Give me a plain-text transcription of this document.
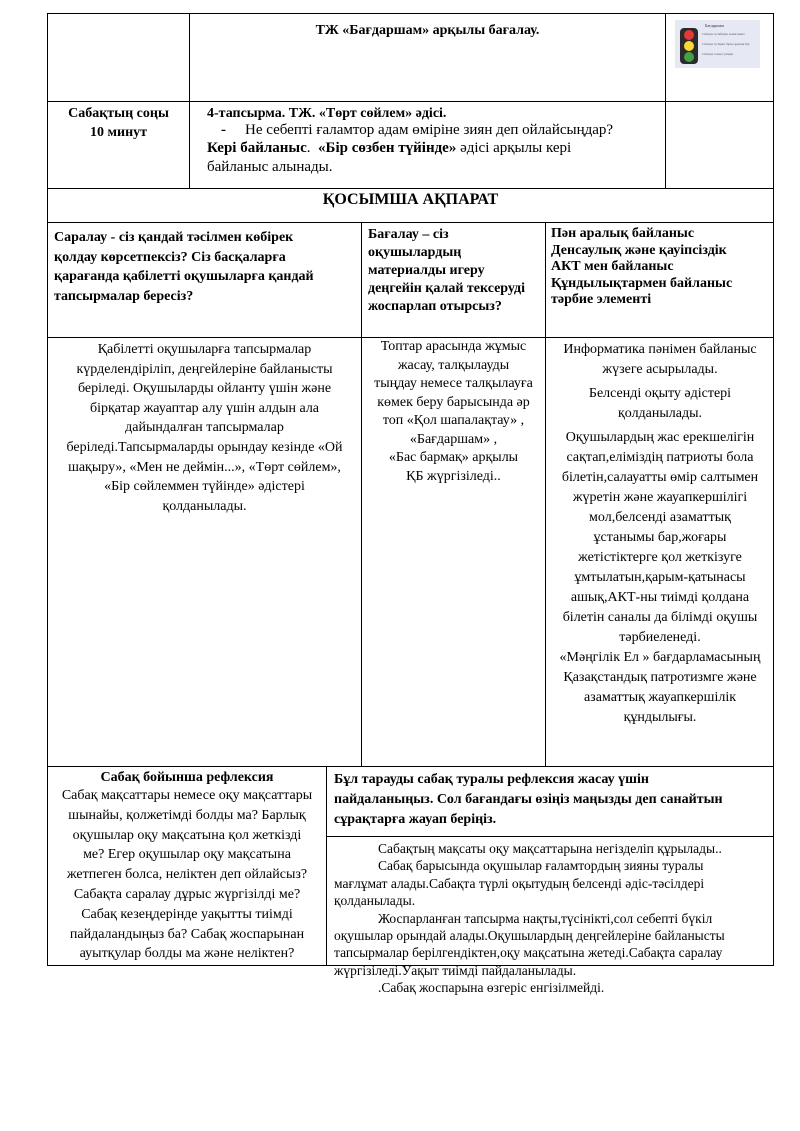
ТЖ «Бағдаршам» арқылы бағалау.	Бағдаршам
Сабақты түсінбедім, көмек қажет
Сабақты түсіндім, бірақ сұрағым бар
Сабақты толық түсіндім
Сабақтың соңы
10 минут
4-тапсырма. ТЖ. «Төрт сөйлем» әдісі.
- Не себепті ғаламтор адам өміріне зиян деп ойлайсыңдар?
Кері байланыс.  «Бір сөзбен түйінде» әдісі арқылы кері
байланыс алынады.
ҚОСЫМША АҚПАРАТ
Саралау - сіз қандай тәсілмен көбірек
қолдау көрсетпексіз? Сіз басқаларға
қарағанда қабілетті оқушыларға қандай
тапсырмалар бересіз?
Бағалау – сіз
оқушылардың
материалды игеру
деңгейін қалай тексеруді
жоспарлап отырсыз?
Пән аралық байланыс
Денсаулық және қауіпсіздік
АКТ мен байланыс
Құндылықтармен байланыс
тәрбие элементі
Қабілетті оқушыларға тапсырмалар
күрделендіріліп, деңгейлеріне байланысты
беріледі. Оқушыларды ойланту үшін және
бірқатар жауаптар алу үшін алдын ала
дайындалған тапсырмалар
беріледі.Тапсырмаларды орындау кезінде «Ой
шақыру», «Мен не деймін...», «Төрт сөйлем»,
«Бір сөйлеммен түйінде» әдістері
қолданылады.
Топтар арасында жұмыс
жасау, талқылауды
тыңдау немесе талқылауға
көмек беру барысында әр
топ «Қол шапалақтау» ,
«Бағдаршам» ,
«Бас бармақ» арқылы
ҚБ жүргізіледі..
Информатика пәнімен байланыс
жүзеге асырылады.
Белсенді оқыту әдістері
қолданылады.
Оқушылардың жас ерекшелігін
сақтап,еліміздің патриоты бола
білетін,салауатты өмір салтымен
жүретін және жауапкершілігі
мол,белсенді азаматтық
ұстанымы бар,жоғары
жетістіктерге қол жеткізуге
ұмтылатын,қарым-қатынасы
ашық,АКТ-ны тиімді қолдана
білетін саналы да білімді оқушы
тәрбиеленеді.
«Мәңгілік Ел » бағдарламасының
Қазақстандық патротизмге және
азаматтық жауапкершілік
құндылығы.
Сабақ бойынша рефлексия
Сабақ мақсаттары немесе оқу мақсаттары
шынайы, қолжетімді болды ма? Барлық
оқушылар оқу мақсатына қол жеткізді
ме? Егер оқушылар оқу мақсатына
жетпеген болса, неліктен деп ойлайсыз?
Сабақта саралау дұрыс жүргізілді ме?
Сабақ кезеңдерінде уақытты тиімді
пайдаландыңыз ба? Сабақ жоспарынан
ауытқулар болды ма және неліктен?
Бұл тарауды сабақ туралы рефлексия жасау үшін
пайдаланыңыз. Сол бағандағы өзіңіз маңызды деп санайтын
сұрақтарға жауап беріңіз.
Сабақтың мақсаты оқу мақсаттарына негізделіп құрылады..
Сабақ барысында оқушылар ғаламтордың зияны туралы
мағлұмат алады.Сабақта түрлі оқытудың белсенді әдіс-тәсілдері
қолданылады.
Жоспарланған тапсырма нақты,түсінікті,сол себепті бүкіл
оқушылар орындай алады.Оқушылардың деңгейлеріне байланысты
тапсырмалар берілгендіктен,оқу мақсатына жетеді.Сабақта саралау
жүргізіледі.Уақыт тиімді пайдаланылады.
.Сабақ жоспарына өзгеріс енгізілмейді.
